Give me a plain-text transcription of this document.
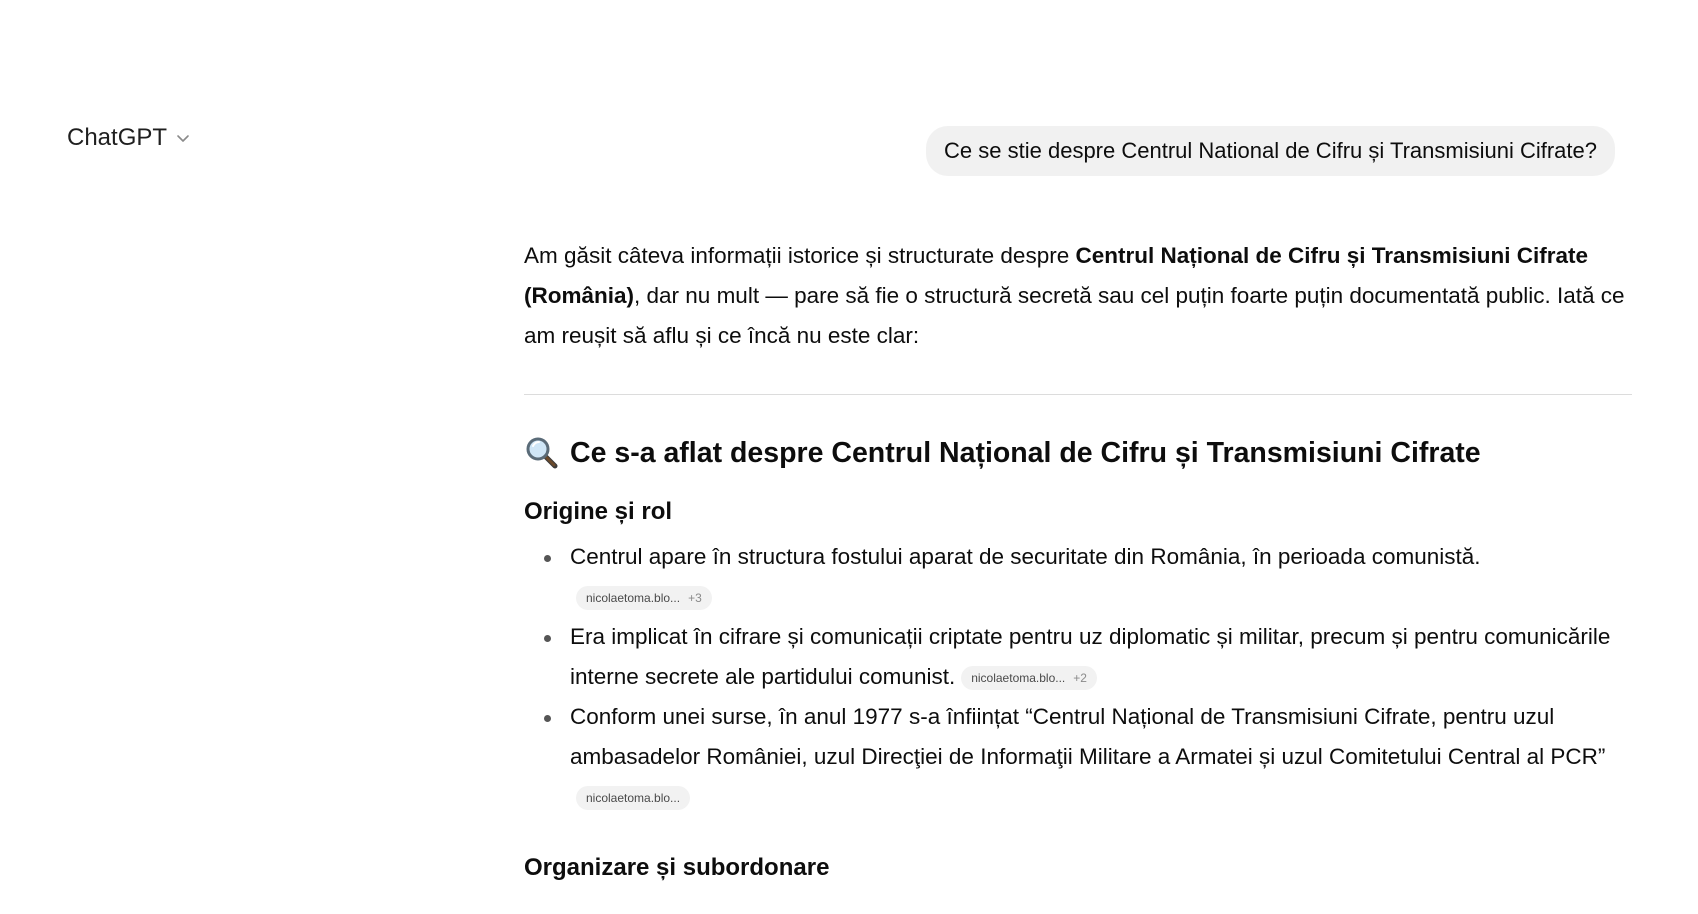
ChatGPT	Ce se stie despre Centrul National de Cifru și Transmisiuni Cifrate?

Am găsit câteva informații istorice și structurate despre Centrul Național de Cifru și Transmisiuni Cifrate (România), dar nu mult — pare să fie o structură secretă sau cel puțin foarte puțin documentată public. Iată ce am reușit să aflu și ce încă nu este clar:

Ce s-a aflat despre Centrul Național de Cifru și Transmisiuni Cifrate
Origine și rol
Centrul apare în structura fostului aparat de securitate din România, în perioada comunistă.
nicolaetoma.blo... +3
Era implicat în cifrare și comunicații criptate pentru uz diplomatic și militar, precum și pentru comunicările interne secrete ale partidului comunist. nicolaetoma.blo... +2
Conform unei surse, în anul 1977 s-a înființat “Centrul Național de Transmisiuni Cifrate, pentru uzul ambasadelor României, uzul Direcţiei de Informaţii Militare a Armatei și uzul Comitetului Central al PCR”
nicolaetoma.blo...
Organizare și subordonare
